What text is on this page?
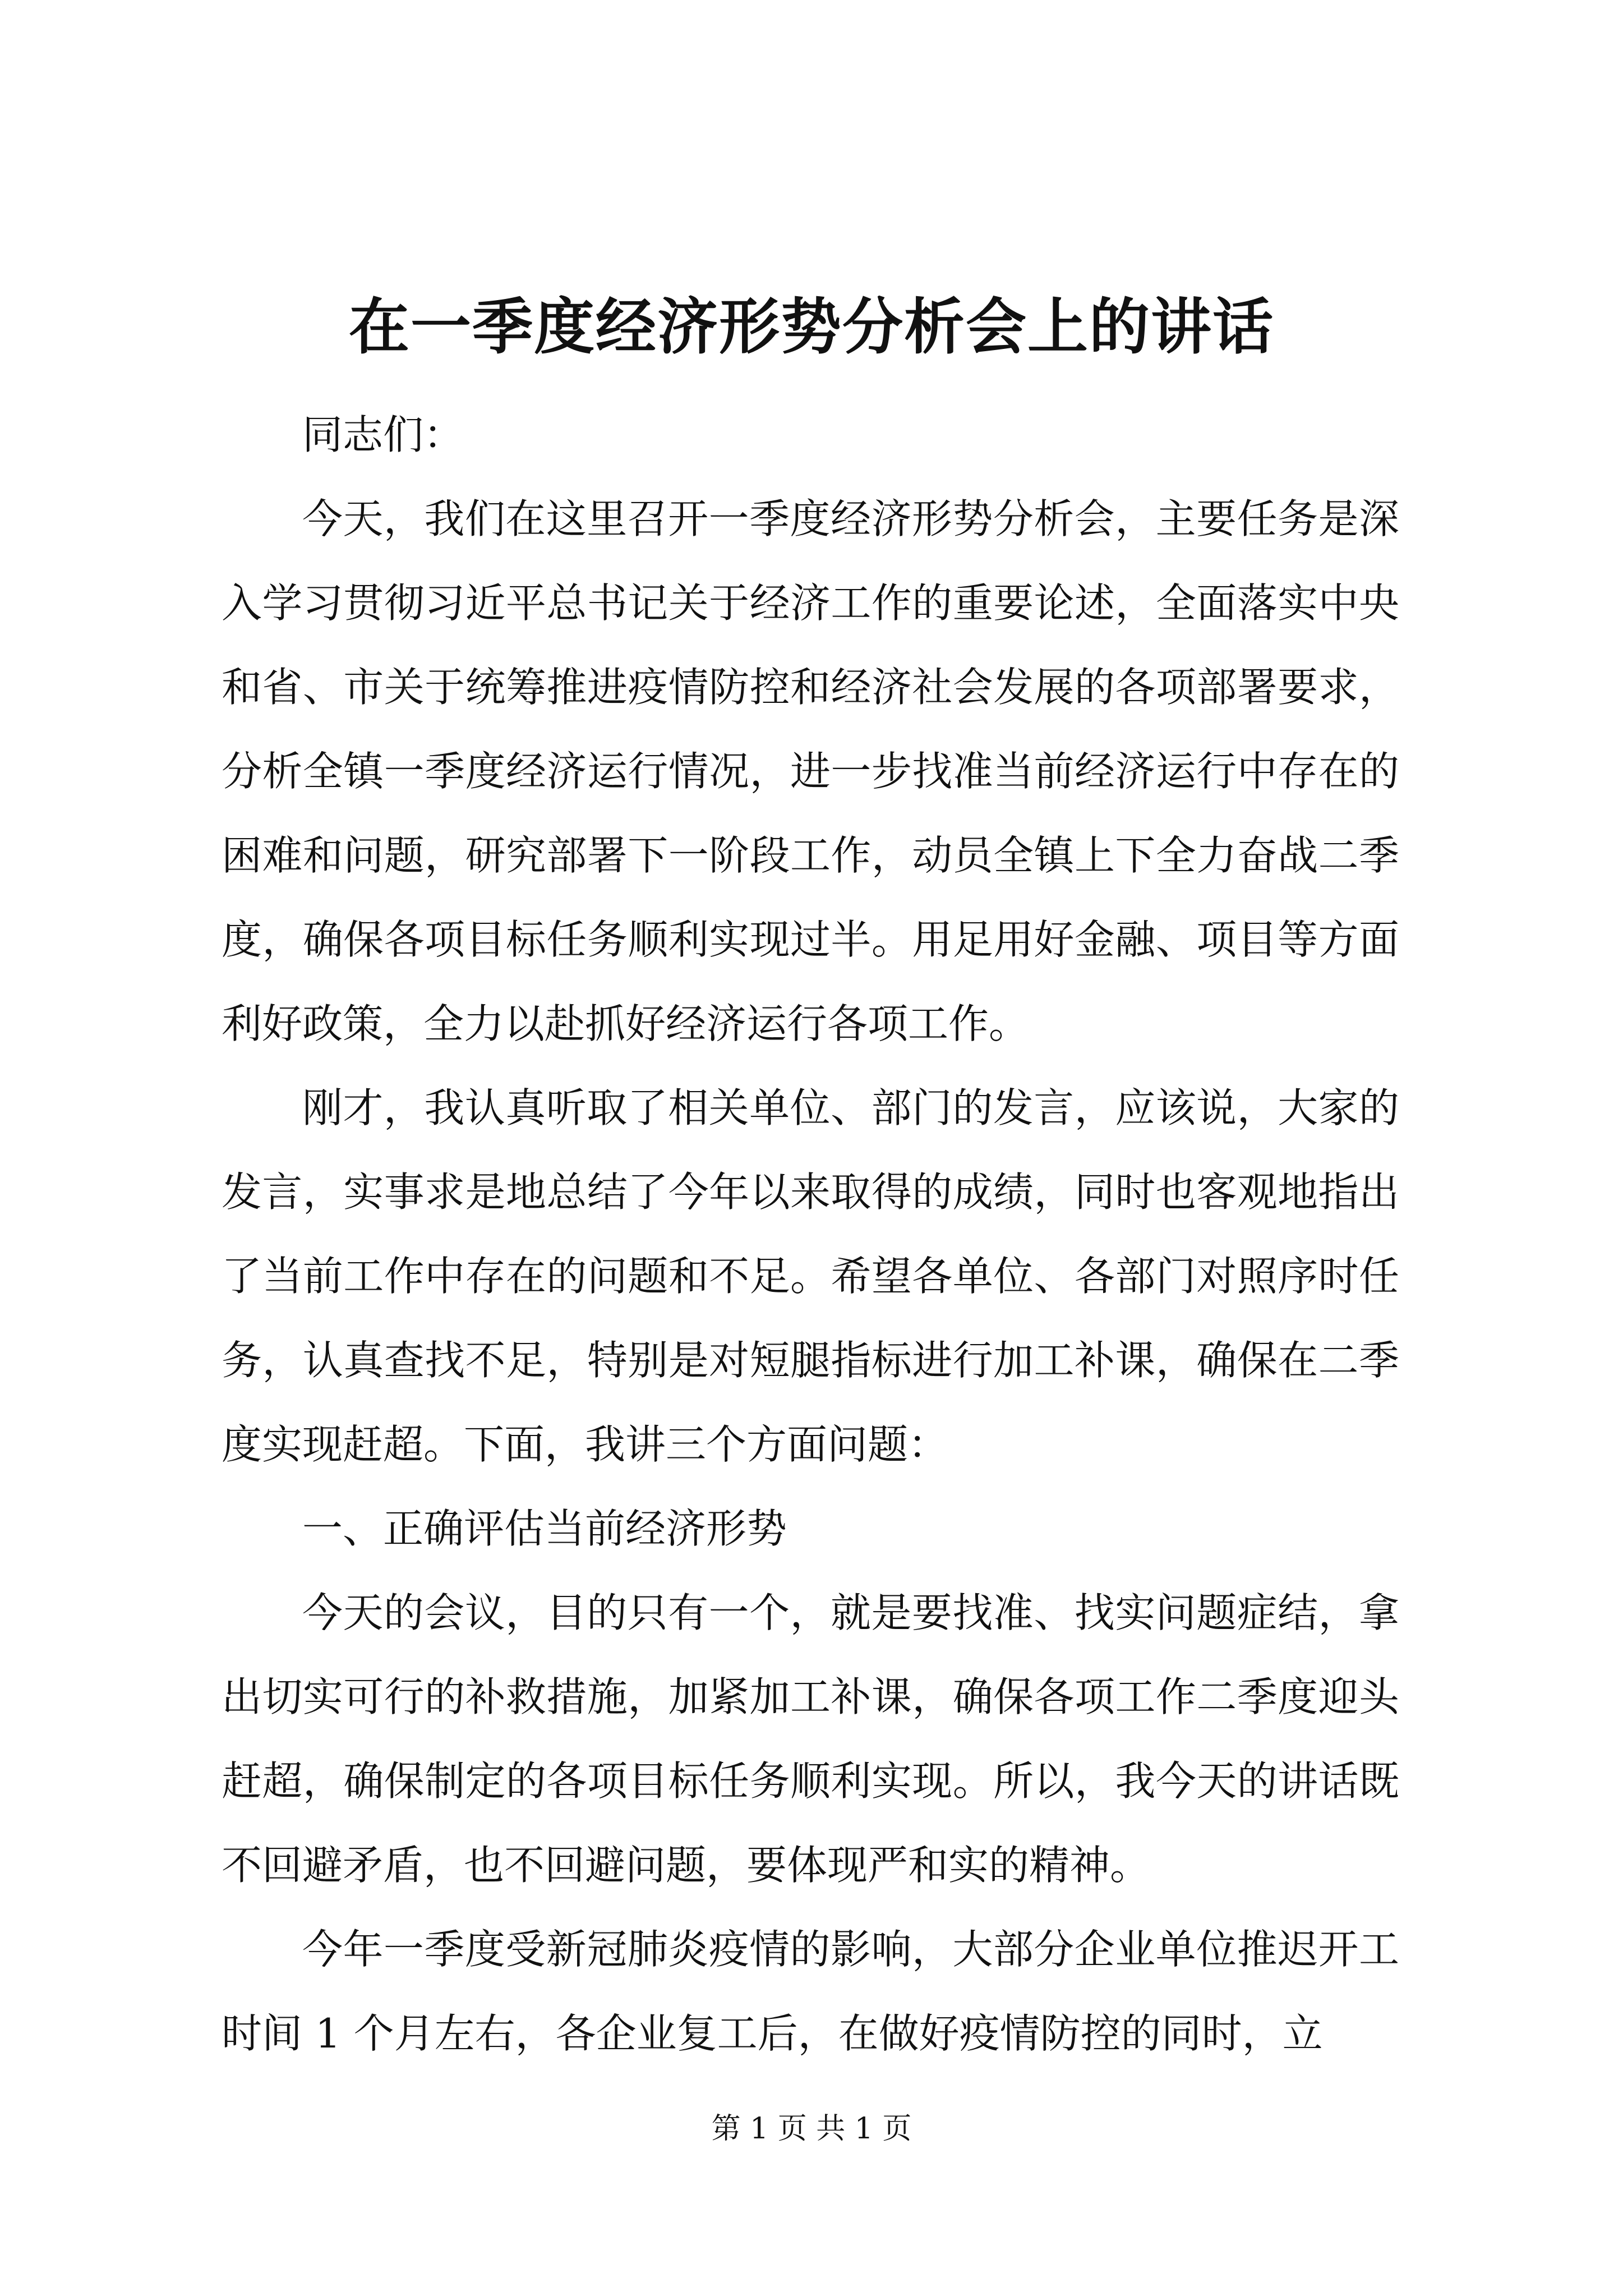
在一季度经济形势分析会上的讲话

同志们：

今天，我们在这里召开一季度经济形势分析会，主要任务是深入学习贯彻习近平总书记关于经济工作的重要论述，全面落实中央和省、市关于统筹推进疫情防控和经济社会发展的各项部署要求，分析全镇一季度经济运行情况，进一步找准当前经济运行中存在的困难和问题，研究部署下一阶段工作，动员全镇上下全力奋战二季度，确保各项目标任务顺利实现过半。用足用好金融、项目等方面利好政策，全力以赴抓好经济运行各项工作。

刚才，我认真听取了相关单位、部门的发言，应该说，大家的发言，实事求是地总结了今年以来取得的成绩，同时也客观地指出了当前工作中存在的问题和不足。希望各单位、各部门对照序时任务，认真查找不足，特别是对短腿指标进行加工补课，确保在二季度实现赶超。下面，我讲三个方面问题：

一、正确评估当前经济形势

今天的会议，目的只有一个，就是要找准、找实问题症结，拿出切实可行的补救措施，加紧加工补课，确保各项工作二季度迎头赶超，确保制定的各项目标任务顺利实现。所以，我今天的讲话既不回避矛盾，也不回避问题，要体现严和实的精神。

今年一季度受新冠肺炎疫情的影响，大部分企业单位推迟开工时间 1 个月左右，各企业复工后，在做好疫情防控的同时，立

第 1 页 共 1 页
